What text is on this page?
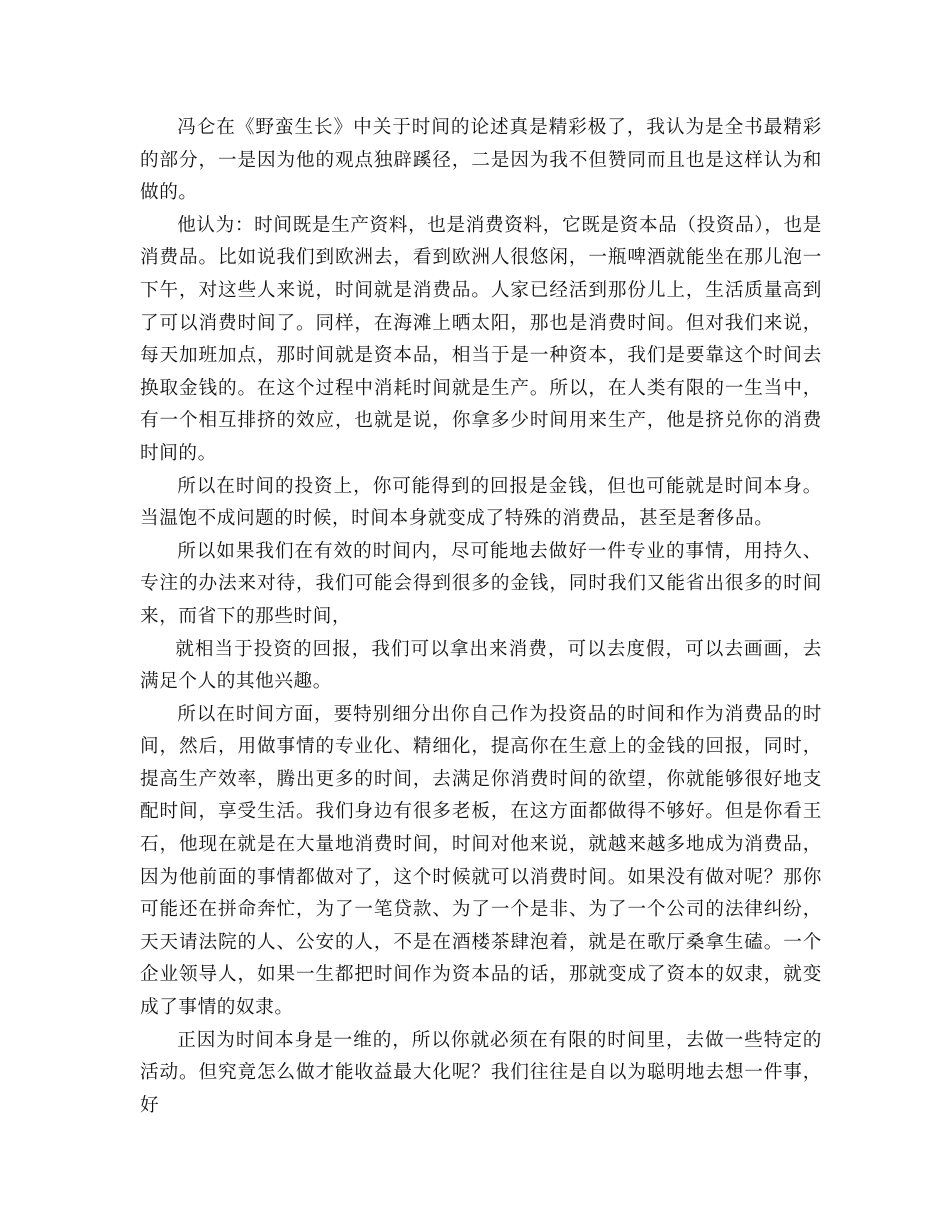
冯仑在《野蛮生长》中关于时间的论述真是精彩极了，我认为是全书最精彩的部分，一是因为他的观点独辟蹊径，二是因为我不但赞同而且也是这样认为和做的。

他认为：时间既是生产资料，也是消费资料，它既是资本品（投资品），也是消费品。比如说我们到欧洲去，看到欧洲人很悠闲，一瓶啤酒就能坐在那儿泡一下午，对这些人来说，时间就是消费品。人家已经活到那份儿上，生活质量高到了可以消费时间了。同样，在海滩上晒太阳，那也是消费时间。但对我们来说，每天加班加点，那时间就是资本品，相当于是一种资本，我们是要靠这个时间去换取金钱的。在这个过程中消耗时间就是生产。所以，在人类有限的一生当中，有一个相互排挤的效应，也就是说，你拿多少时间用来生产，他是挤兑你的消费时间的。

所以在时间的投资上，你可能得到的回报是金钱，但也可能就是时间本身。当温饱不成问题的时候，时间本身就变成了特殊的消费品，甚至是奢侈品。

所以如果我们在有效的时间内，尽可能地去做好一件专业的事情，用持久、专注的办法来对待，我们可能会得到很多的金钱，同时我们又能省出很多的时间来，而省下的那些时间，

就相当于投资的回报，我们可以拿出来消费，可以去度假，可以去画画，去满足个人的其他兴趣。

所以在时间方面，要特别细分出你自己作为投资品的时间和作为消费品的时间，然后，用做事情的专业化、精细化，提高你在生意上的金钱的回报，同时，提高生产效率，腾出更多的时间，去满足你消费时间的欲望，你就能够很好地支配时间，享受生活。我们身边有很多老板，在这方面都做得不够好。但是你看王石，他现在就是在大量地消费时间，时间对他来说，就越来越多地成为消费品，因为他前面的事情都做对了，这个时候就可以消费时间。如果没有做对呢？那你可能还在拼命奔忙，为了一笔贷款、为了一个是非、为了一个公司的法律纠纷，天天请法院的人、公安的人，不是在酒楼茶肆泡着，就是在歌厅桑拿生磕。一个企业领导人，如果一生都把时间作为资本品的话，那就变成了资本的奴隶，就变成了事情的奴隶。

正因为时间本身是一维的，所以你就必须在有限的时间里，去做一些特定的活动。但究竟怎么做才能收益最大化呢？我们往往是自以为聪明地去想一件事，好
